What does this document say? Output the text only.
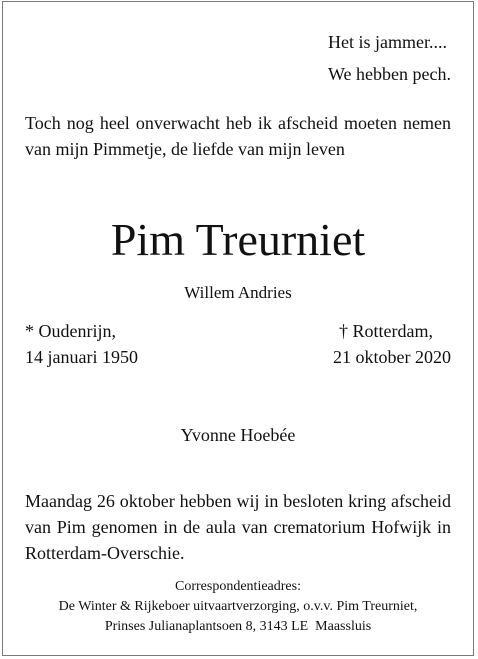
Het is jammer....
We hebben pech.
Toch nog heel onverwacht heb ik afscheid moeten nemen van mijn Pimmetje, de liefde van mijn leven
Pim Treurniet
Willem Andries
* Oudenrijn,
14 januari 1950
† Rotterdam,
21 oktober 2020
Yvonne Hoebée
Maandag 26 oktober hebben wij in besloten kring afscheid van Pim genomen in de aula van crematorium Hofwijk in Rotterdam-Overschie.
Correspondentieadres:
De Winter & Rijkeboer uitvaartverzorging, o.v.v. Pim Treurniet,
Prinses Julianaplantsoen 8, 3143 LE  Maassluis
